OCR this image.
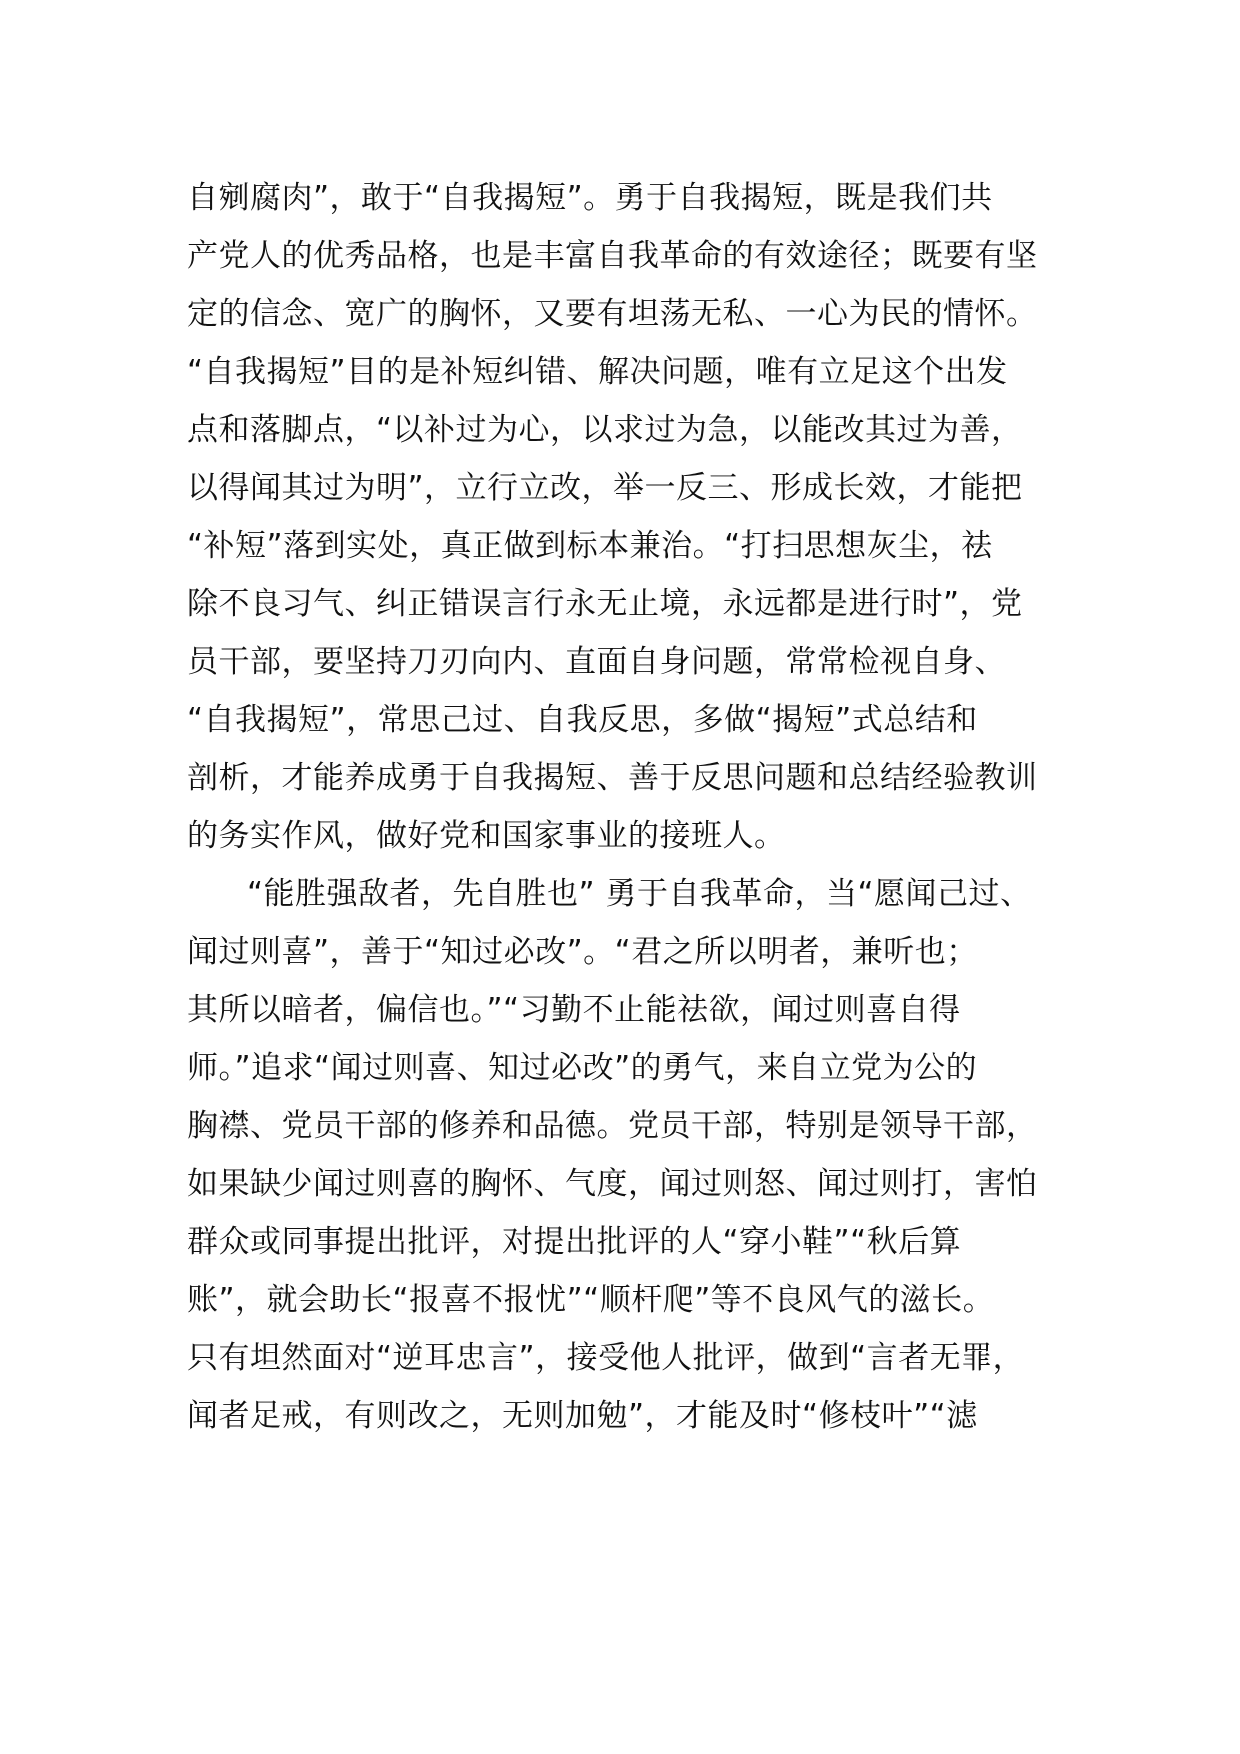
自剜腐肉”，敢于“自我揭短”。勇于自我揭短，既是我们共
产党人的优秀品格，也是丰富自我革命的有效途径；既要有坚
定的信念、宽广的胸怀，又要有坦荡无私、一心为民的情怀。
“自我揭短”目的是补短纠错、解决问题，唯有立足这个出发
点和落脚点，“以补过为心，以求过为急，以能改其过为善，
以得闻其过为明”，立行立改，举一反三、形成长效，才能把
“补短”落到实处，真正做到标本兼治。“打扫思想灰尘，祛
除不良习气、纠正错误言行永无止境，永远都是进行时”，党
员干部，要坚持刀刃向内、直面自身问题，常常检视自身、
“自我揭短”，常思己过、自我反思，多做“揭短”式总结和
剖析，才能养成勇于自我揭短、善于反思问题和总结经验教训
的务实作风，做好党和国家事业的接班人。
“能胜强敌者，先自胜也” 勇于自我革命，当“愿闻己过、
闻过则喜”，善于“知过必改”。“君之所以明者，兼听也；
其所以暗者，偏信也。”“习勤不止能祛欲，闻过则喜自得
师。”追求“闻过则喜、知过必改”的勇气，来自立党为公的
胸襟、党员干部的修养和品德。党员干部，特别是领导干部，
如果缺少闻过则喜的胸怀、气度，闻过则怒、闻过则打，害怕
群众或同事提出批评，对提出批评的人“穿小鞋”“秋后算
账”，就会助长“报喜不报忧”“顺杆爬”等不良风气的滋长。
只有坦然面对“逆耳忠言”，接受他人批评，做到“言者无罪，
闻者足戒，有则改之，无则加勉”，才能及时“修枝叶”“滤
